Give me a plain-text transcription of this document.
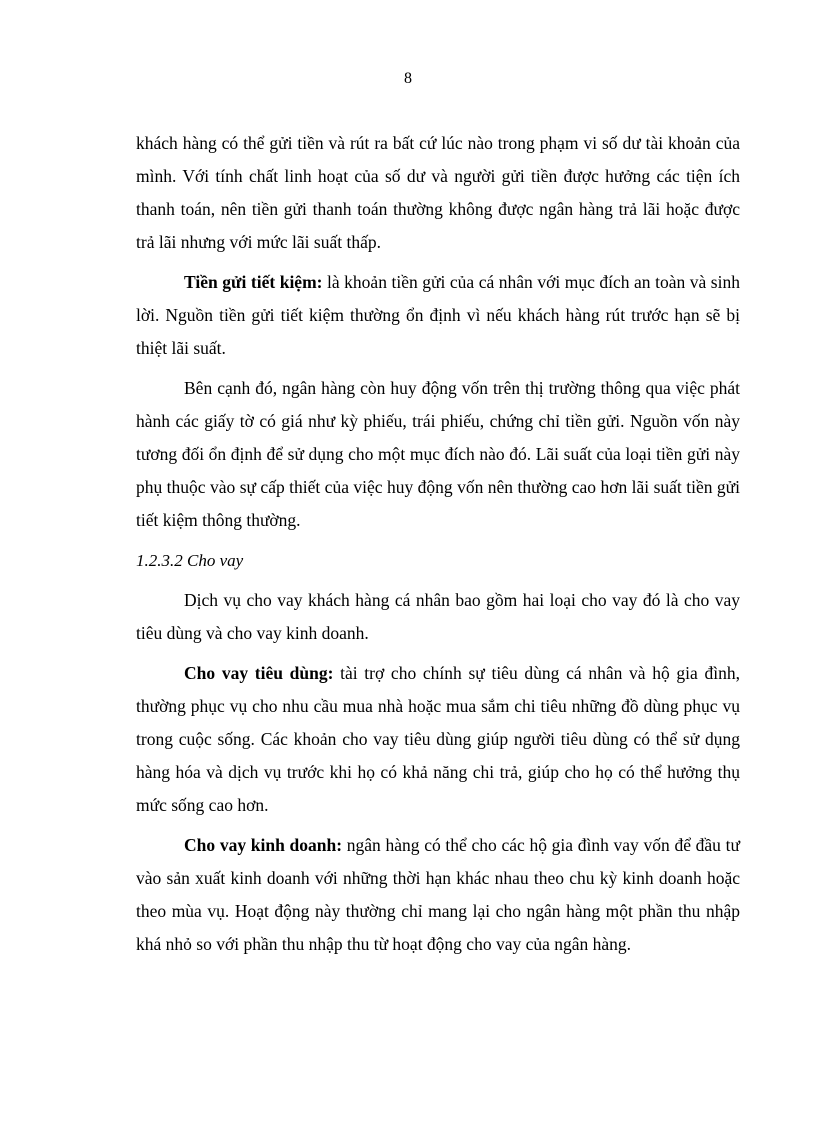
8

khách hàng có thể gửi tiền và rút ra bất cứ lúc nào trong phạm vi số dư tài khoản của mình. Với tính chất linh hoạt của số dư và người gửi tiền được hưởng các tiện ích thanh toán, nên tiền gửi thanh toán thường không được ngân hàng trả lãi hoặc được trả lãi nhưng với mức lãi suất thấp.

Tiền gửi tiết kiệm: là khoản tiền gửi của cá nhân với mục đích an toàn và sinh lời. Nguồn tiền gửi tiết kiệm thường ổn định vì nếu khách hàng rút trước hạn sẽ bị thiệt lãi suất.

Bên cạnh đó, ngân hàng còn huy động vốn trên thị trường thông qua việc phát hành các giấy tờ có giá như kỳ phiếu, trái phiếu, chứng chỉ tiền gửi. Nguồn vốn này tương đối ổn định để sử dụng cho một mục đích nào đó. Lãi suất của loại tiền gửi này phụ thuộc vào sự cấp thiết của việc huy động vốn nên thường cao hơn lãi suất tiền gửi tiết kiệm thông thường.

1.2.3.2 Cho vay

Dịch vụ cho vay khách hàng cá nhân bao gồm hai loại cho vay đó là cho vay tiêu dùng và cho vay kinh doanh.

Cho vay tiêu dùng: tài trợ cho chính sự tiêu dùng cá nhân và hộ gia đình, thường phục vụ cho nhu cầu mua nhà hoặc mua sắm chi tiêu những đồ dùng phục vụ trong cuộc sống. Các khoản cho vay tiêu dùng giúp người tiêu dùng có thể sử dụng hàng hóa và dịch vụ trước khi họ có khả năng chi trả, giúp cho họ có thể hưởng thụ mức sống cao hơn.

Cho vay kinh doanh: ngân hàng có thể cho các hộ gia đình vay vốn để đầu tư vào sản xuất kinh doanh với những thời hạn khác nhau theo chu kỳ kinh doanh hoặc theo mùa vụ. Hoạt động này thường chỉ mang lại cho ngân hàng một phần thu nhập khá nhỏ so với phần thu nhập thu từ hoạt động cho vay của ngân hàng.
